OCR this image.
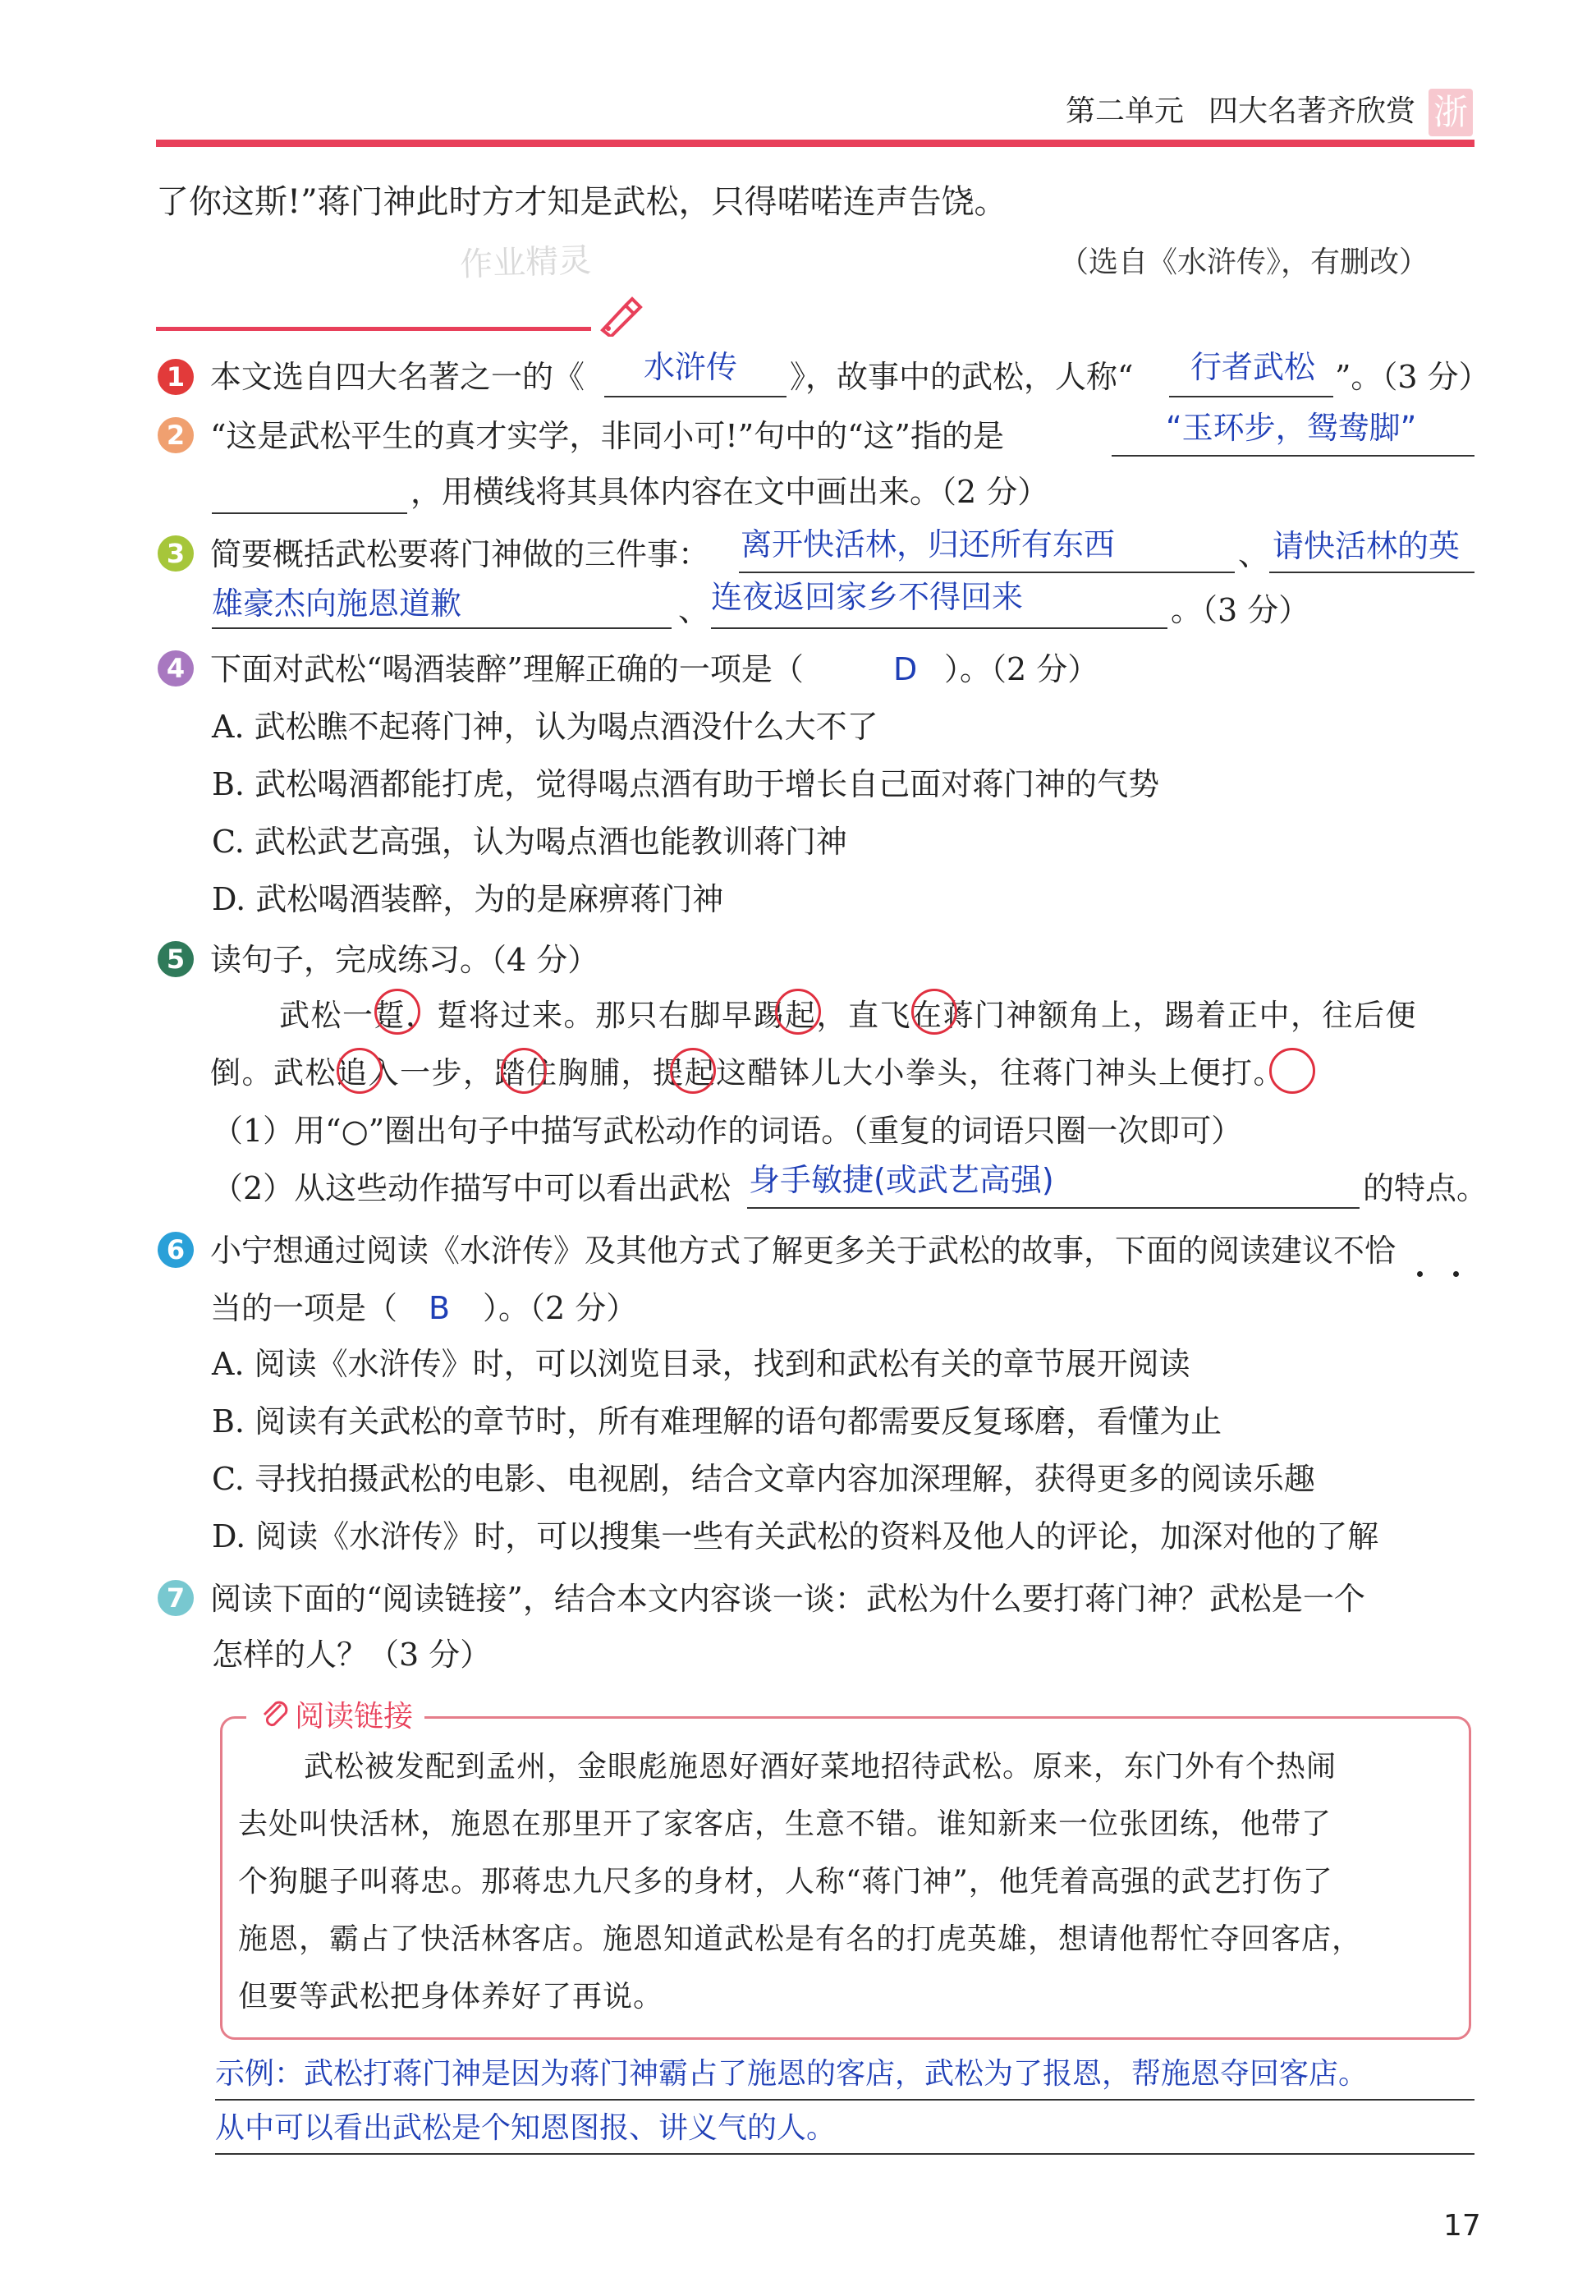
第二单元 四大名著齐欣赏 浙
了你这斯!”蒋门神此时方才知是武松，只得喏喏连声告饶。
作业精灵	（选自《水浒传》，有删改）
1 本文选自四大名著之一的《 水浒传 》，故事中的武松，人称“ 行者武松 ”。（3 分）
2 “这是武松平生的真才实学，非同小可!”句中的“这”指的是	“玉环步，鸳鸯脚”
，用横线将其具体内容在文中画出来。（2 分）
3 简要概括武松要蒋门神做的三件事： 离开快活林，归还所有东西	、 请快活林的英
雄豪杰向施恩道歉	、 连夜返回家乡不得回来	。（3 分）
4 下面对武松“喝酒装醉”理解正确的一项是（	D ）。（2 分）
A. 武松瞧不起蒋门神，认为喝点酒没什么大不了
B. 武松喝酒都能打虎，觉得喝点酒有助于增长自己面对蒋门神的气势
C. 武松武艺高强，认为喝点酒也能教训蒋门神
D. 武松喝酒装醉，为的是麻痹蒋门神
5 读句子，完成练习。（4 分）
武松一踅，踅将过来。那只右脚早踢起，直飞在蒋门神额角上，踢着正中，往后便
倒。武松追入一步，踏住胸脯，提起这醋钵儿大小拳头，往蒋门神头上便打。
（1）用“○”圈出句子中描写武松动作的词语。（重复的词语只圈一次即可）
（2）从这些动作描写中可以看出武松 身手敏捷(或武艺高强)	的特点。
6 小宁想通过阅读《水浒传》及其他方式了解更多关于武松的故事，下面的阅读建议不恰
当的一项是（ B ）。（2 分）
A. 阅读《水浒传》时，可以浏览目录，找到和武松有关的章节展开阅读
B. 阅读有关武松的章节时，所有难理解的语句都需要反复琢磨，看懂为止
C. 寻找拍摄武松的电影、电视剧，结合文章内容加深理解，获得更多的阅读乐趣
D. 阅读《水浒传》时，可以搜集一些有关武松的资料及他人的评论，加深对他的了解
7 阅读下面的“阅读链接”，结合本文内容谈一谈：武松为什么要打蒋门神？武松是一个
怎样的人？（3 分）
阅读链接
武松被发配到孟州，金眼彪施恩好酒好菜地招待武松。原来，东门外有个热闹
去处叫快活林，施恩在那里开了家客店，生意不错。谁知新来一位张团练，他带了
个狗腿子叫蒋忠。那蒋忠九尺多的身材，人称“蒋门神”，他凭着高强的武艺打伤了
施恩，霸占了快活林客店。施恩知道武松是有名的打虎英雄，想请他帮忙夺回客店，
但要等武松把身体养好了再说。
示例：武松打蒋门神是因为蒋门神霸占了施恩的客店，武松为了报恩，帮施恩夺回客店。
从中可以看出武松是个知恩图报、讲义气的人。
17
